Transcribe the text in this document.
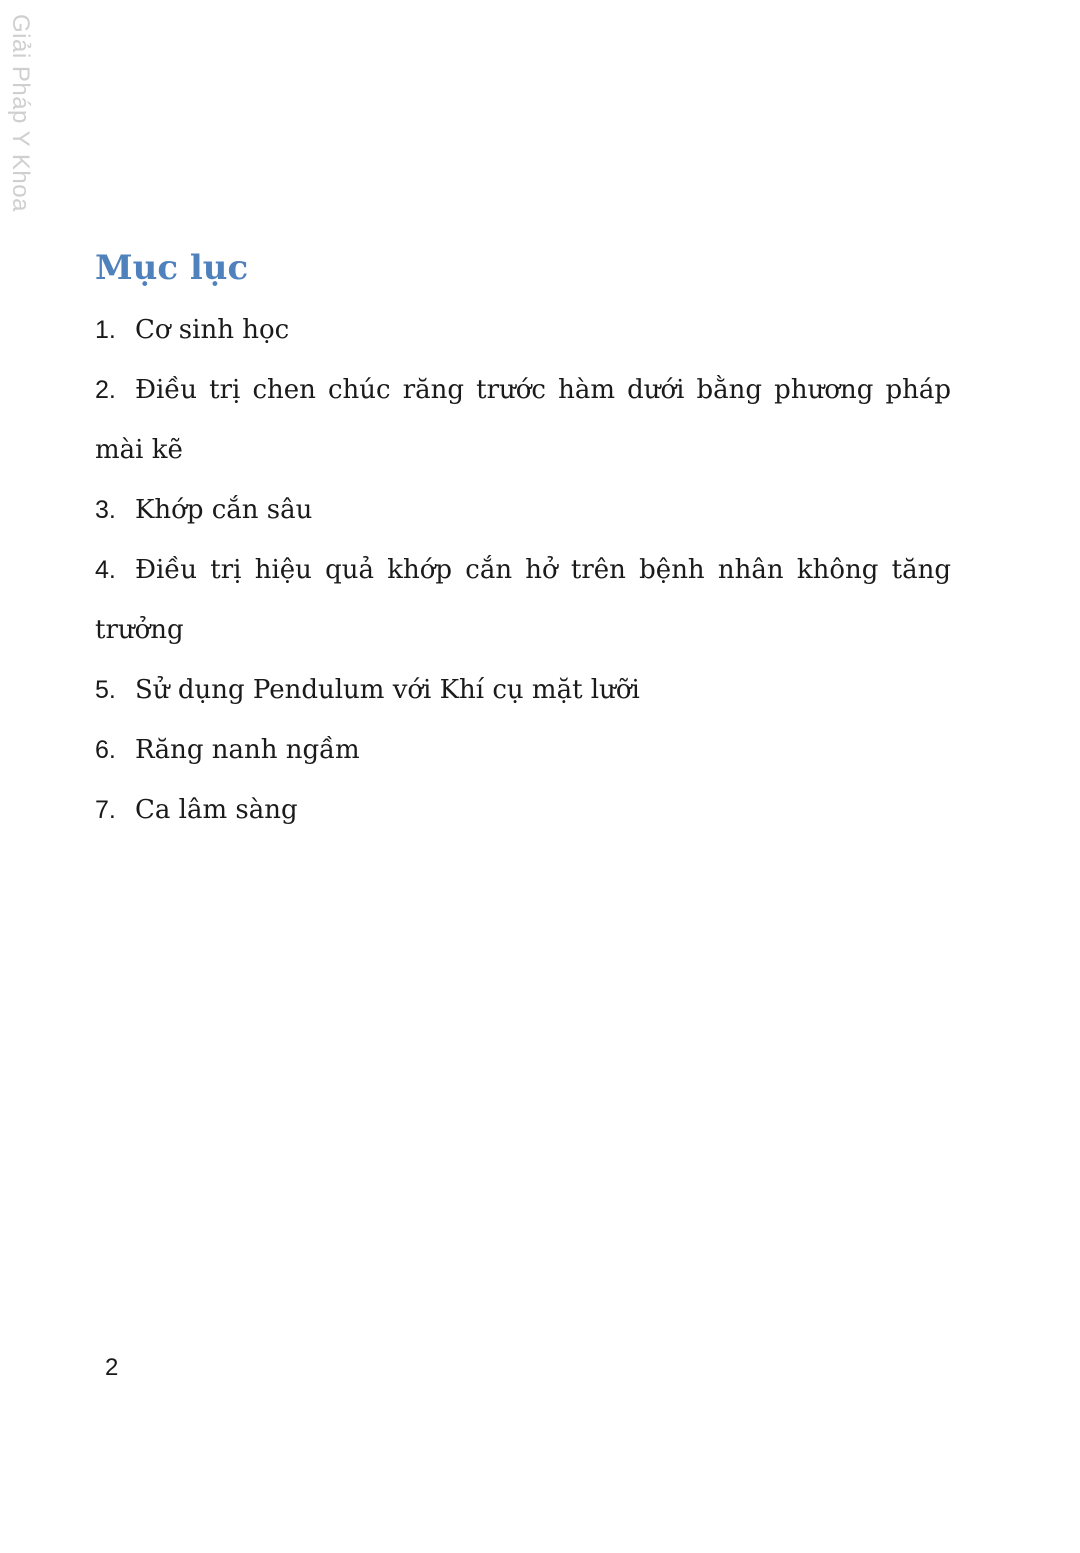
Giải Pháp Y Khoa
Mục lục
1. Cơ sinh học
2. Điều trị chen chúc răng trước hàm dưới bằng phương pháp mài kẽ
3. Khớp cắn sâu
4. Điều trị hiệu quả khớp cắn hở trên bệnh nhân không tăng trưởng
5. Sử dụng Pendulum với Khí cụ mặt lưỡi
6. Răng nanh ngầm
7. Ca lâm sàng
2
